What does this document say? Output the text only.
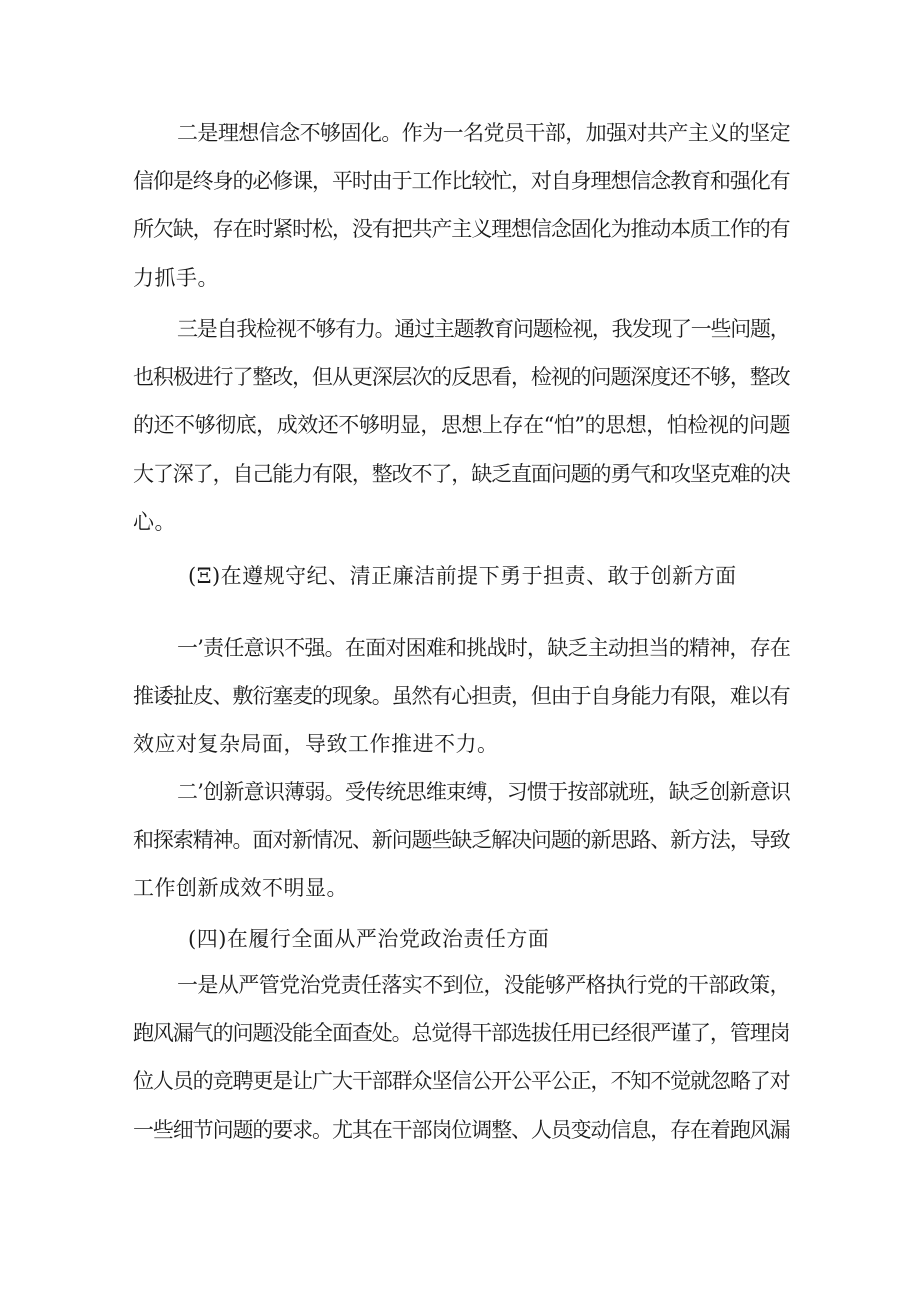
二是理想信念不够固化。作为一名党员干部，加强对共产主义的坚定
信仰是终身的必修课，平时由于工作比较忙，对自身理想信念教育和强化有
所欠缺，存在时紧时松，没有把共产主义理想信念固化为推动本质工作的有
力抓手。
三是自我检视不够有力。通过主题教育问题检视，我发现了一些问题，
也积极进行了整改，但从更深层次的反思看，检视的问题深度还不够，整改
的还不够彻底，成效还不够明显，思想上存在“怕”的思想，怕检视的问题
大了深了，自己能力有限，整改不了，缺乏直面问题的勇气和攻坚克难的决
心。
(Ξ)在遵规守纪、清正廉洁前提下勇于担责、敢于创新方面
一’责任意识不强。在面对困难和挑战时，缺乏主动担当的精神，存在
推诿扯皮、敷衍塞麦的现象。虽然有心担责，但由于自身能力有限，难以有
效应对复杂局面，导致工作推进不力。
二’创新意识薄弱。受传统思维束缚，习惯于按部就班，缺乏创新意识
和探索精神。面对新情况、新问题些缺乏解决问题的新思路、新方法，导致
工作创新成效不明显。
(四)在履行全面从严治党政治责任方面
一是从严管党治党责任落实不到位，没能够严格执行党的干部政策，
跑风漏气的问题没能全面查处。总觉得干部选拔任用已经很严谨了，管理岗
位人员的竞聘更是让广大干部群众坚信公开公平公正，不知不觉就忽略了对
一些细节问题的要求。尤其在干部岗位调整、人员变动信息，存在着跑风漏
